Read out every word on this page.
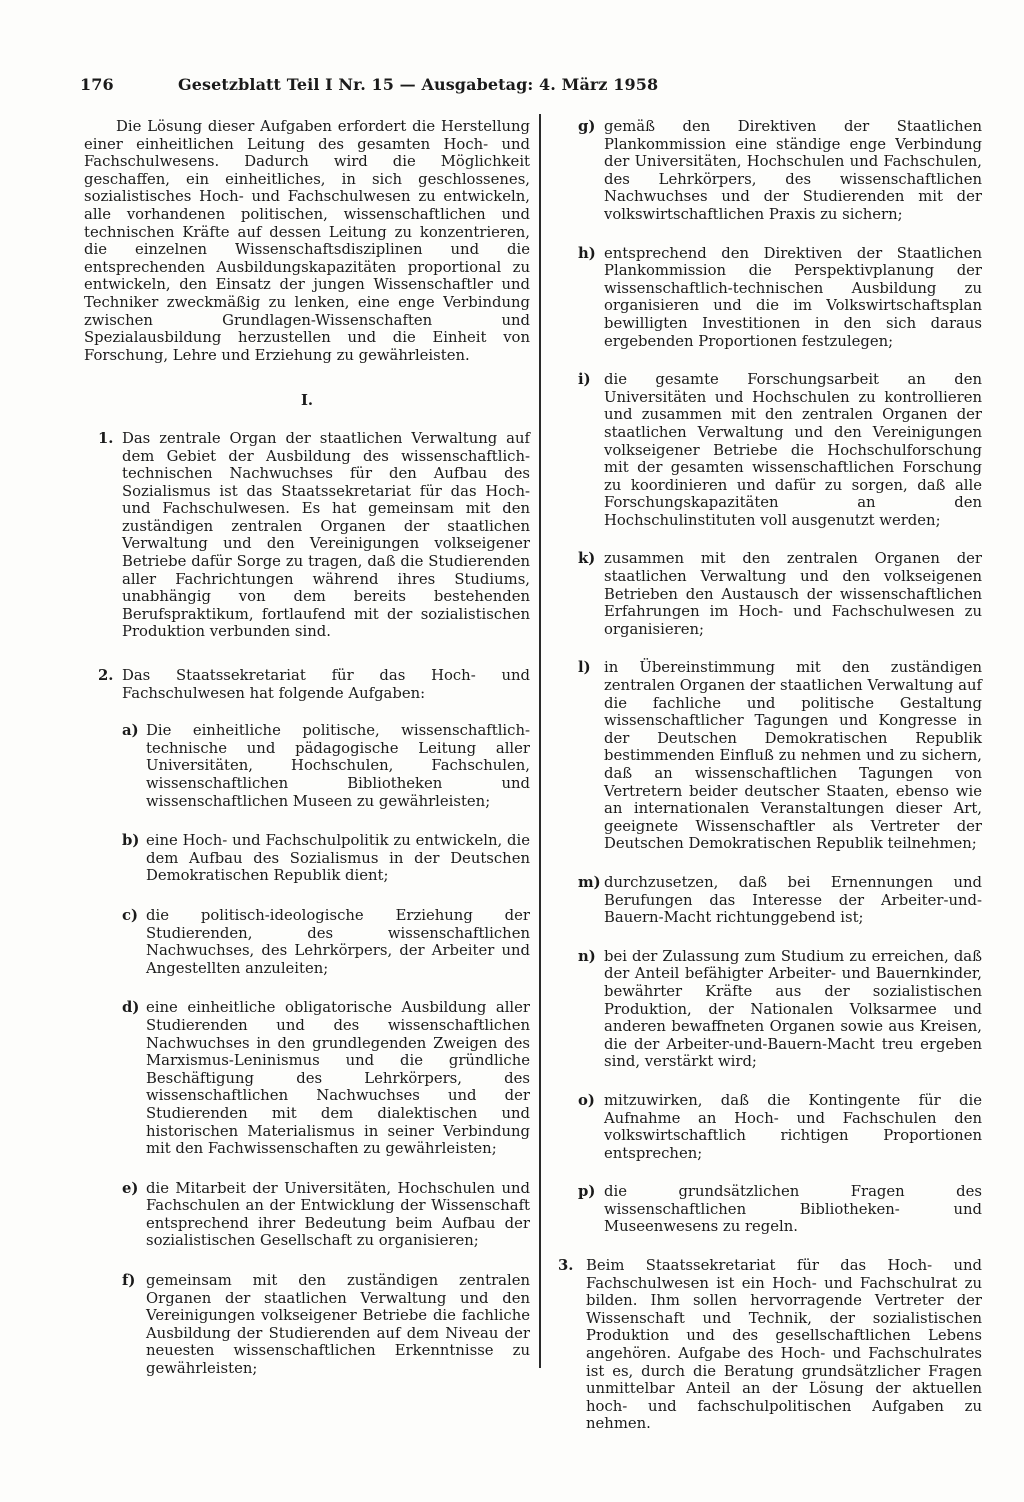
176	Gesetzblatt Teil I Nr. 15 — Ausgabetag: 4. März 1958

Die Lösung dieser Aufgaben erfordert die Herstellung einer einheitlichen Leitung des gesamten Hoch- und Fachschulwesens. Dadurch wird die Möglichkeit geschaffen, ein einheitliches, in sich geschlossenes, sozialistisches Hoch- und Fachschulwesen zu entwickeln, alle vorhandenen politischen, wissenschaftlichen und technischen Kräfte auf dessen Leitung zu konzentrieren, die einzelnen Wissenschaftsdisziplinen und die entsprechenden Ausbildungskapazitäten proportional zu entwickeln, den Einsatz der jungen Wissenschaftler und Techniker zweckmäßig zu lenken, eine enge Verbindung zwischen Grundlagen-Wissenschaften und Spezialausbildung herzustellen und die Einheit von Forschung, Lehre und Erziehung zu gewährleisten.

I.
1. Das zentrale Organ der staatlichen Verwaltung auf dem Gebiet der Ausbildung des wissenschaftlich-technischen Nachwuchses für den Aufbau des Sozialismus ist das Staatssekretariat für das Hoch- und Fachschulwesen. Es hat gemeinsam mit den zuständigen zentralen Organen der staatlichen Verwaltung und den Vereinigungen volkseigener Betriebe dafür Sorge zu tragen, daß die Studierenden aller Fachrichtungen während ihres Studiums, unabhängig von dem bereits bestehenden Berufspraktikum, fortlaufend mit der sozialistischen Produktion verbunden sind.
2. Das Staatssekretariat für das Hoch- und Fachschulwesen hat folgende Aufgaben:
a) Die einheitliche politische, wissenschaftlich-technische und pädagogische Leitung aller Universitäten, Hochschulen, Fachschulen, wissenschaftlichen Bibliotheken und wissenschaftlichen Museen zu gewährleisten;
b) eine Hoch- und Fachschulpolitik zu entwickeln, die dem Aufbau des Sozialismus in der Deutschen Demokratischen Republik dient;
c) die politisch-ideologische Erziehung der Studierenden, des wissenschaftlichen Nachwuchses, des Lehrkörpers, der Arbeiter und Angestellten anzuleiten;
d) eine einheitliche obligatorische Ausbildung aller Studierenden und des wissenschaftlichen Nachwuchses in den grundlegenden Zweigen des Marxismus-Leninismus und die gründliche Beschäftigung des Lehrkörpers, des wissenschaftlichen Nachwuchses und der Studierenden mit dem dialektischen und historischen Materialismus in seiner Verbindung mit den Fachwissenschaften zu gewährleisten;
e) die Mitarbeit der Universitäten, Hochschulen und Fachschulen an der Entwicklung der Wissenschaft entsprechend ihrer Bedeutung beim Aufbau der sozialistischen Gesellschaft zu organisieren;
f) gemeinsam mit den zuständigen zentralen Organen der staatlichen Verwaltung und den Vereinigungen volkseigener Betriebe die fachliche Ausbildung der Studierenden auf dem Niveau der neuesten wissenschaftlichen Erkenntnisse zu gewährleisten;
g) gemäß den Direktiven der Staatlichen Plankommission eine ständige enge Verbindung der Universitäten, Hochschulen und Fachschulen, des Lehrkörpers, des wissenschaftlichen Nachwuchses und der Studierenden mit der volkswirtschaftlichen Praxis zu sichern;
h) entsprechend den Direktiven der Staatlichen Plankommission die Perspektivplanung der wissenschaftlich-technischen Ausbildung zu organisieren und die im Volkswirtschaftsplan bewilligten Investitionen in den sich daraus ergebenden Proportionen festzulegen;
i) die gesamte Forschungsarbeit an den Universitäten und Hochschulen zu kontrollieren und zusammen mit den zentralen Organen der staatlichen Verwaltung und den Vereinigungen volkseigener Betriebe die Hochschulforschung mit der gesamten wissenschaftlichen Forschung zu koordinieren und dafür zu sorgen, daß alle Forschungskapazitäten an den Hochschulinstituten voll ausgenutzt werden;
k) zusammen mit den zentralen Organen der staatlichen Verwaltung und den volkseigenen Betrieben den Austausch der wissenschaftlichen Erfahrungen im Hoch- und Fachschulwesen zu organisieren;
l) in Übereinstimmung mit den zuständigen zentralen Organen der staatlichen Verwaltung auf die fachliche und politische Gestaltung wissenschaftlicher Tagungen und Kongresse in der Deutschen Demokratischen Republik bestimmenden Einfluß zu nehmen und zu sichern, daß an wissenschaftlichen Tagungen von Vertretern beider deutscher Staaten, ebenso wie an internationalen Veranstaltungen dieser Art, geeignete Wissenschaftler als Vertreter der Deutschen Demokratischen Republik teilnehmen;
m) durchzusetzen, daß bei Ernennungen und Berufungen das Interesse der Arbeiter-und-Bauern-Macht richtunggebend ist;
n) bei der Zulassung zum Studium zu erreichen, daß der Anteil befähigter Arbeiter- und Bauernkinder, bewährter Kräfte aus der sozialistischen Produktion, der Nationalen Volksarmee und anderen bewaffneten Organen sowie aus Kreisen, die der Arbeiter-und-Bauern-Macht treu ergeben sind, verstärkt wird;
o) mitzuwirken, daß die Kontingente für die Aufnahme an Hoch- und Fachschulen den volkswirtschaftlich richtigen Proportionen entsprechen;
p) die grundsätzlichen Fragen des wissenschaftlichen Bibliotheken- und Museenwesens zu regeln.
3. Beim Staatssekretariat für das Hoch- und Fachschulwesen ist ein Hoch- und Fachschulrat zu bilden. Ihm sollen hervorragende Vertreter der Wissenschaft und Technik, der sozialistischen Produktion und des gesellschaftlichen Lebens angehören. Aufgabe des Hoch- und Fachschulrates ist es, durch die Beratung grundsätzlicher Fragen unmittelbar Anteil an der Lösung der aktuellen hoch- und fachschulpolitischen Aufgaben zu nehmen.
